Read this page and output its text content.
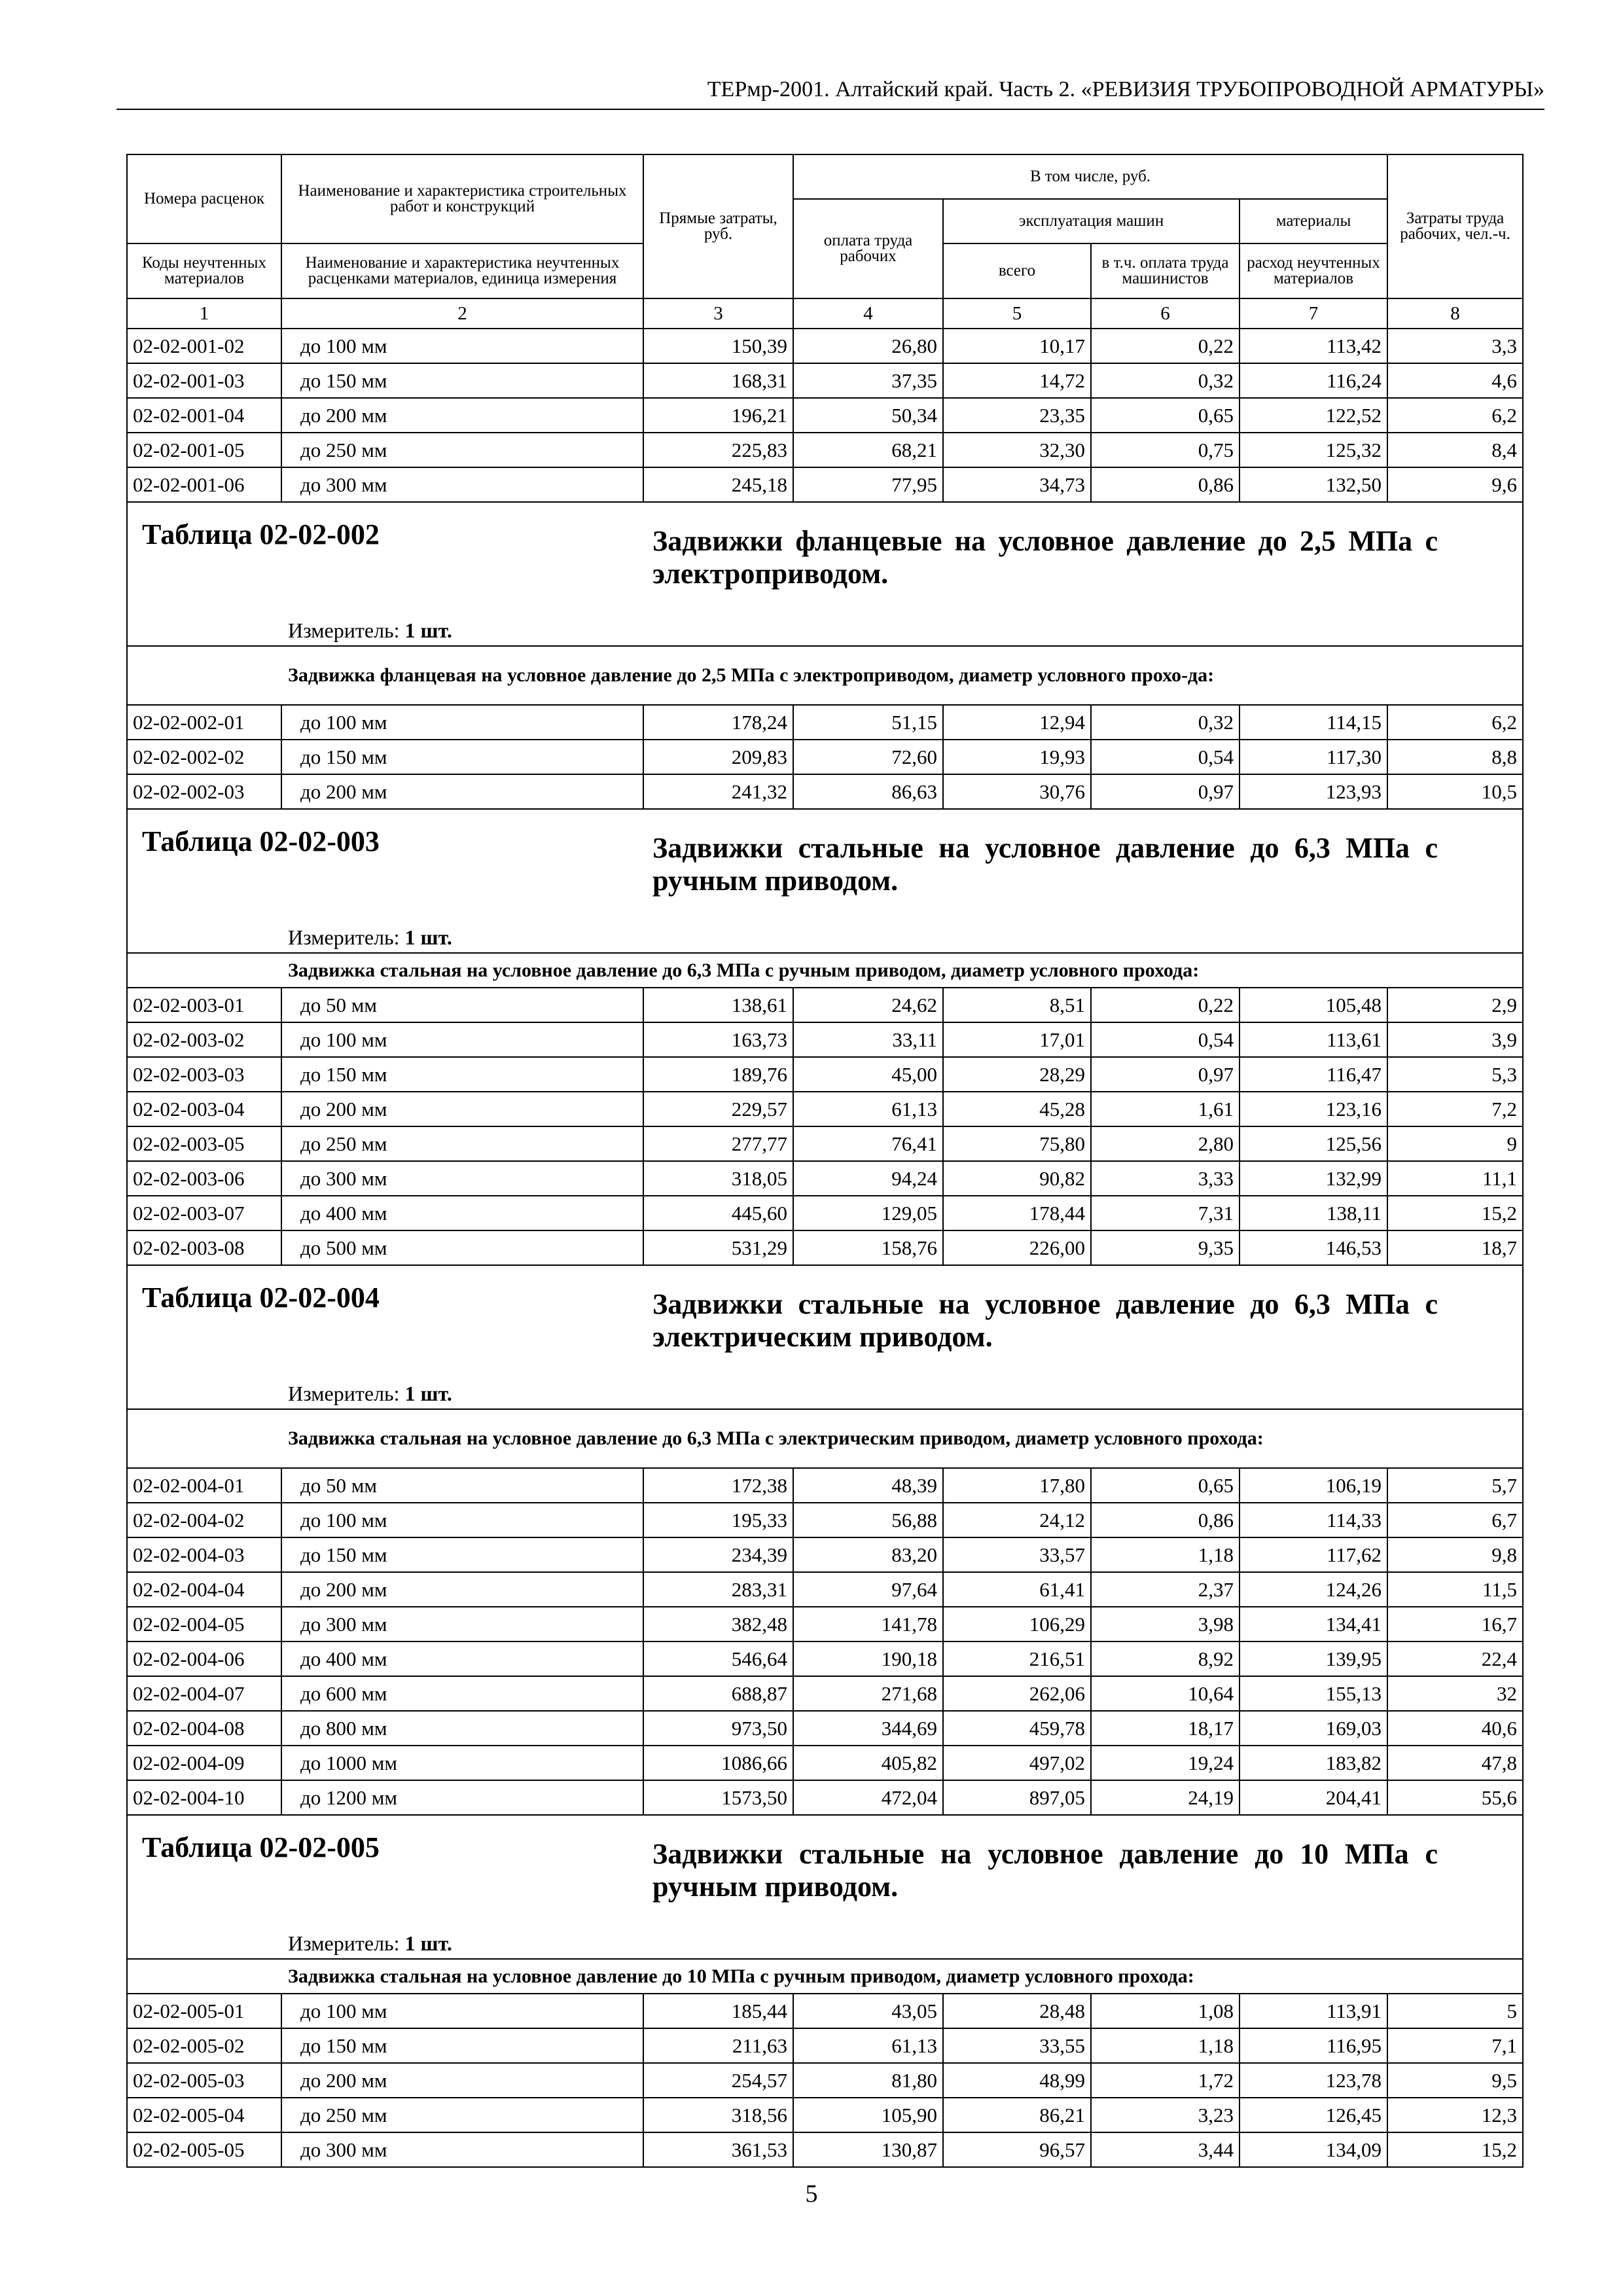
ТЕРмр-2001. Алтайский край. Часть 2. «РЕВИЗИЯ ТРУБОПРОВОДНОЙ АРМАТУРЫ»
Номера расценок	Наименование и характеристика строительных работ и конструкций	Прямые затраты, руб.	В том числе, руб.				Затраты труда рабочих, чел.-ч.
			оплата труда рабочих	эксплуатация машин		материалы	
Коды неучтенных материалов	Наименование и характеристика неучтенных расценками материалов, единица измерения			всего	в т.ч. оплата труда машинистов	расход неучтенных материалов	
1	2	3	4	5	6	7	8
02-02-001-02	до 100 мм	150,39	26,80	10,17	0,22	113,42	3,3
02-02-001-03	до 150 мм	168,31	37,35	14,72	0,32	116,24	4,6
02-02-001-04	до 200 мм	196,21	50,34	23,35	0,65	122,52	6,2
02-02-001-05	до 250 мм	225,83	68,21	32,30	0,75	125,32	8,4
02-02-001-06	до 300 мм	245,18	77,95	34,73	0,86	132,50	9,6
Таблица 02-02-002 Задвижки фланцевые на условное давление до 2,5 МПа с электроприводом.							
Измеритель: 1 шт.							
Задвижка фланцевая на условное давление до 2,5 МПа с электроприводом, диаметр условного прохо-да:							
02-02-002-01	до 100 мм	178,24	51,15	12,94	0,32	114,15	6,2
02-02-002-02	до 150 мм	209,83	72,60	19,93	0,54	117,30	8,8
02-02-002-03	до 200 мм	241,32	86,63	30,76	0,97	123,93	10,5
Таблица 02-02-003 Задвижки стальные на условное давление до 6,3 МПа с ручным приводом.							
Измеритель: 1 шт.							
Задвижка стальная на условное давление до 6,3 МПа с ручным приводом, диаметр условного прохода:							
02-02-003-01	до 50 мм	138,61	24,62	8,51	0,22	105,48	2,9
02-02-003-02	до 100 мм	163,73	33,11	17,01	0,54	113,61	3,9
02-02-003-03	до 150 мм	189,76	45,00	28,29	0,97	116,47	5,3
02-02-003-04	до 200 мм	229,57	61,13	45,28	1,61	123,16	7,2
02-02-003-05	до 250 мм	277,77	76,41	75,80	2,80	125,56	9
02-02-003-06	до 300 мм	318,05	94,24	90,82	3,33	132,99	11,1
02-02-003-07	до 400 мм	445,60	129,05	178,44	7,31	138,11	15,2
02-02-003-08	до 500 мм	531,29	158,76	226,00	9,35	146,53	18,7
Таблица 02-02-004 Задвижки стальные на условное давление до 6,3 МПа с электрическим приводом.							
Измеритель: 1 шт.							
Задвижка стальная на условное давление до 6,3 МПа с электрическим приводом, диаметр условного прохода:							
02-02-004-01	до 50 мм	172,38	48,39	17,80	0,65	106,19	5,7
02-02-004-02	до 100 мм	195,33	56,88	24,12	0,86	114,33	6,7
02-02-004-03	до 150 мм	234,39	83,20	33,57	1,18	117,62	9,8
02-02-004-04	до 200 мм	283,31	97,64	61,41	2,37	124,26	11,5
02-02-004-05	до 300 мм	382,48	141,78	106,29	3,98	134,41	16,7
02-02-004-06	до 400 мм	546,64	190,18	216,51	8,92	139,95	22,4
02-02-004-07	до 600 мм	688,87	271,68	262,06	10,64	155,13	32
02-02-004-08	до 800 мм	973,50	344,69	459,78	18,17	169,03	40,6
02-02-004-09	до 1000 мм	1086,66	405,82	497,02	19,24	183,82	47,8
02-02-004-10	до 1200 мм	1573,50	472,04	897,05	24,19	204,41	55,6
Таблица 02-02-005 Задвижки стальные на условное давление до 10 МПа с ручным приводом.							
Измеритель: 1 шт.							
Задвижка стальная на условное давление до 10 МПа с ручным приводом, диаметр условного прохода:							
02-02-005-01	до 100 мм	185,44	43,05	28,48	1,08	113,91	5
02-02-005-02	до 150 мм	211,63	61,13	33,55	1,18	116,95	7,1
02-02-005-03	до 200 мм	254,57	81,80	48,99	1,72	123,78	9,5
02-02-005-04	до 250 мм	318,56	105,90	86,21	3,23	126,45	12,3
02-02-005-05	до 300 мм	361,53	130,87	96,57	3,44	134,09	15,2
5
